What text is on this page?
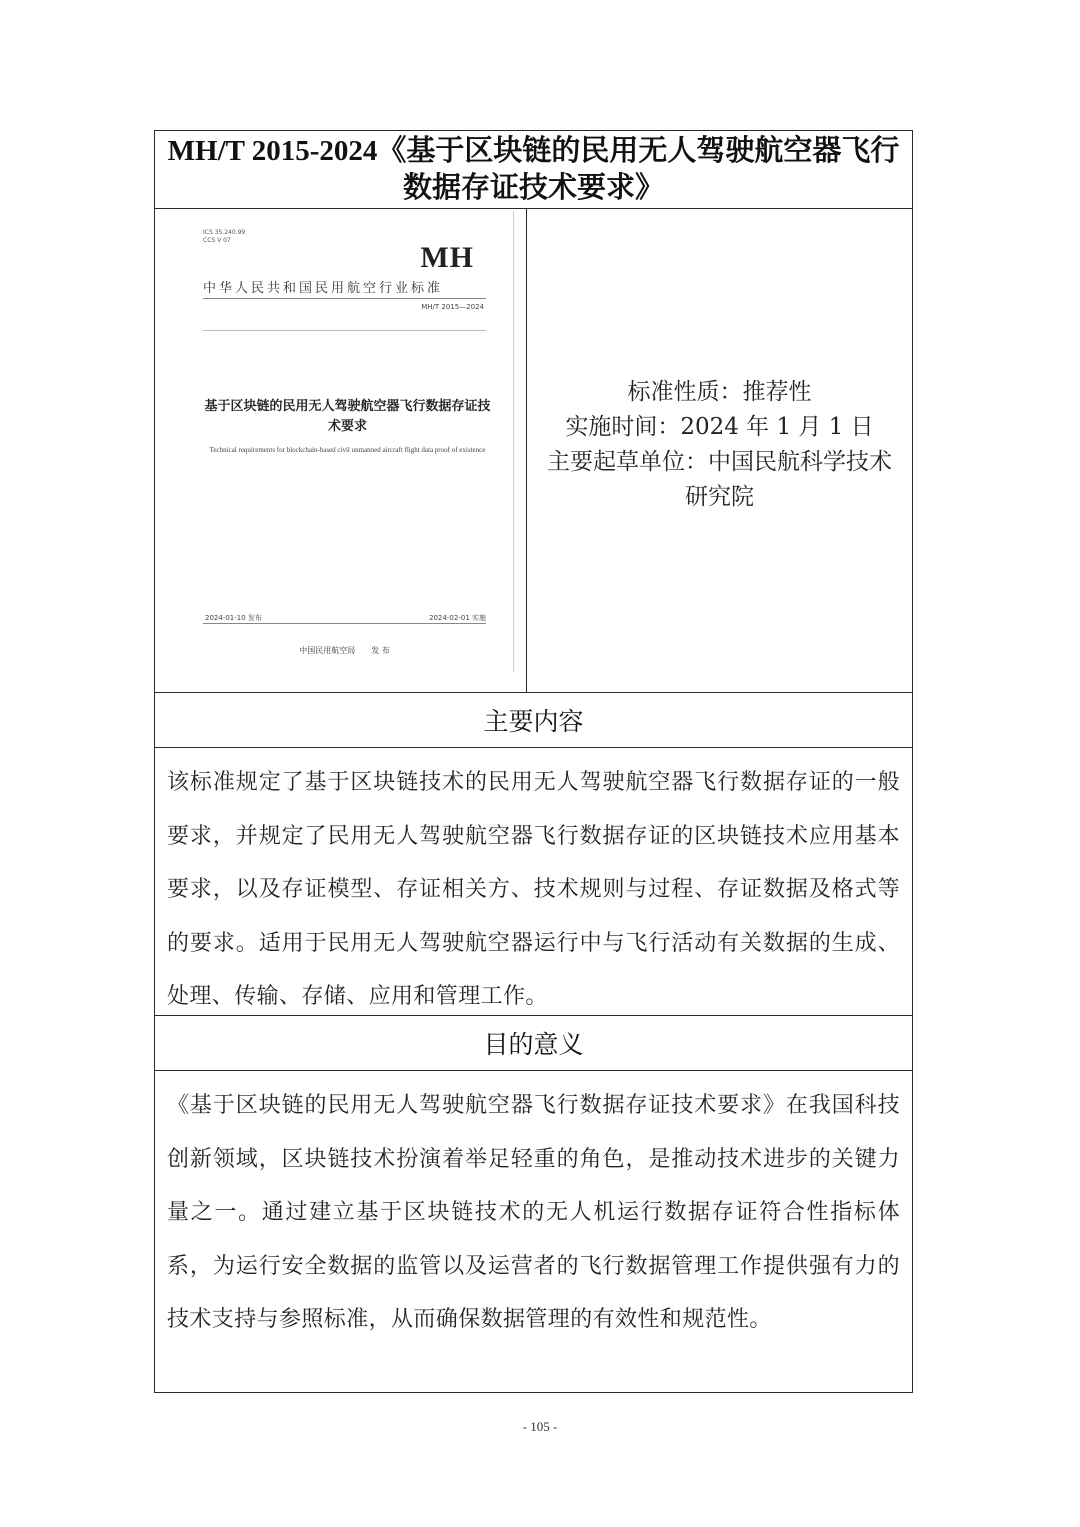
MH/T 2015-2024《基于区块链的民用无人驾驶航空器飞行数据存证技术要求》
ICS 35.240.99
CCS V 07
MH
中华人民共和国民用航空行业标准
MH/T 2015—2024
基于区块链的民用无人驾驶航空器飞行数据存证技术要求
Technical requirements for blockchain-based civil unmanned aircraft flight data proof of existence
2024-01-10 发布	2024-02-01 实施
中国民用航空局　　发 布
标准性质：推荐性
实施时间：2024 年 1 月 1 日
主要起草单位：中国民航科学技术研究院
主要内容
该标准规定了基于区块链技术的民用无人驾驶航空器飞行数据存证的一般要求，并规定了民用无人驾驶航空器飞行数据存证的区块链技术应用基本要求，以及存证模型、存证相关方、技术规则与过程、存证数据及格式等的要求。适用于民用无人驾驶航空器运行中与飞行活动有关数据的生成、处理、传输、存储、应用和管理工作。
目的意义
《基于区块链的民用无人驾驶航空器飞行数据存证技术要求》在我国科技创新领域，区块链技术扮演着举足轻重的角色，是推动技术进步的关键力量之一。通过建立基于区块链技术的无人机运行数据存证符合性指标体系，为运行安全数据的监管以及运营者的飞行数据管理工作提供强有力的技术支持与参照标准，从而确保数据管理的有效性和规范性。
- 105 -
